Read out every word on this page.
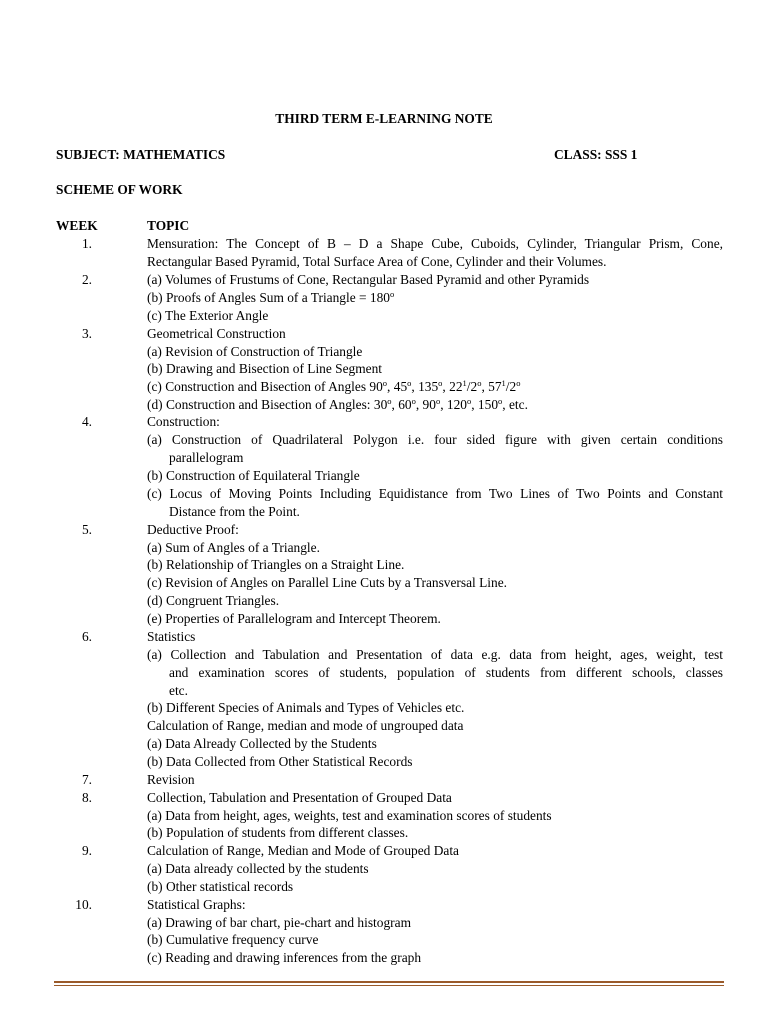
THIRD TERM E-LEARNING NOTE
SUBJECT: MATHEMATICS	CLASS: SSS 1
SCHEME OF WORK
WEEK	TOPIC
1.	Mensuration: The Concept of B – D a Shape Cube, Cuboids, Cylinder, Triangular Prism, Cone,
Rectangular Based Pyramid, Total Surface Area of Cone, Cylinder and their Volumes.
2.	(a) Volumes of Frustums of Cone, Rectangular Based Pyramid and other Pyramids
(b) Proofs of Angles Sum of a Triangle = $180^o$
(c) The Exterior Angle
3.	Geometrical Construction
(a) Revision of Construction of Triangle
(b) Drawing and Bisection of Line Segment
(c) Construction and Bisection of Angles 90$^o$, 45$^o$, 135$^o$, $22^1/2^o$, $57^1/2^o$
(d) Construction and Bisection of Angles: 30$^o$, 60$^o$, 90$^o$, 120$^o$, 150$^o$, etc.
4.	Construction:
(a) Construction of Quadrilateral Polygon i.e. four sided figure with given certain conditions
parallelogram
(b) Construction of Equilateral Triangle
(c) Locus of Moving Points Including Equidistance from Two Lines of Two Points and Constant
Distance from the Point.
5.	Deductive Proof:
(a) Sum of Angles of a Triangle.
(b) Relationship of Triangles on a Straight Line.
(c) Revision of Angles on Parallel Line Cuts by a Transversal Line.
(d) Congruent Triangles.
(e) Properties of Parallelogram and Intercept Theorem.
6.	Statistics
(a) Collection and Tabulation and Presentation of data e.g. data from height, ages, weight, test
and examination scores of students, population of students from different schools, classes
etc.
(b) Different Species of Animals and Types of Vehicles etc.
Calculation of Range, median and mode of ungrouped data
(a) Data Already Collected by the Students
(b) Data Collected from Other Statistical Records
7.	Revision
8.	Collection, Tabulation and Presentation of Grouped Data
(a) Data from height, ages, weights, test and examination scores of students
(b) Population of students from different classes.
9.	Calculation of Range, Median and Mode of Grouped Data
(a) Data already collected by the students
(b) Other statistical records
10.	Statistical Graphs:
(a) Drawing of bar chart, pie-chart and histogram
(b) Cumulative frequency curve
(c) Reading and drawing inferences from the graph
